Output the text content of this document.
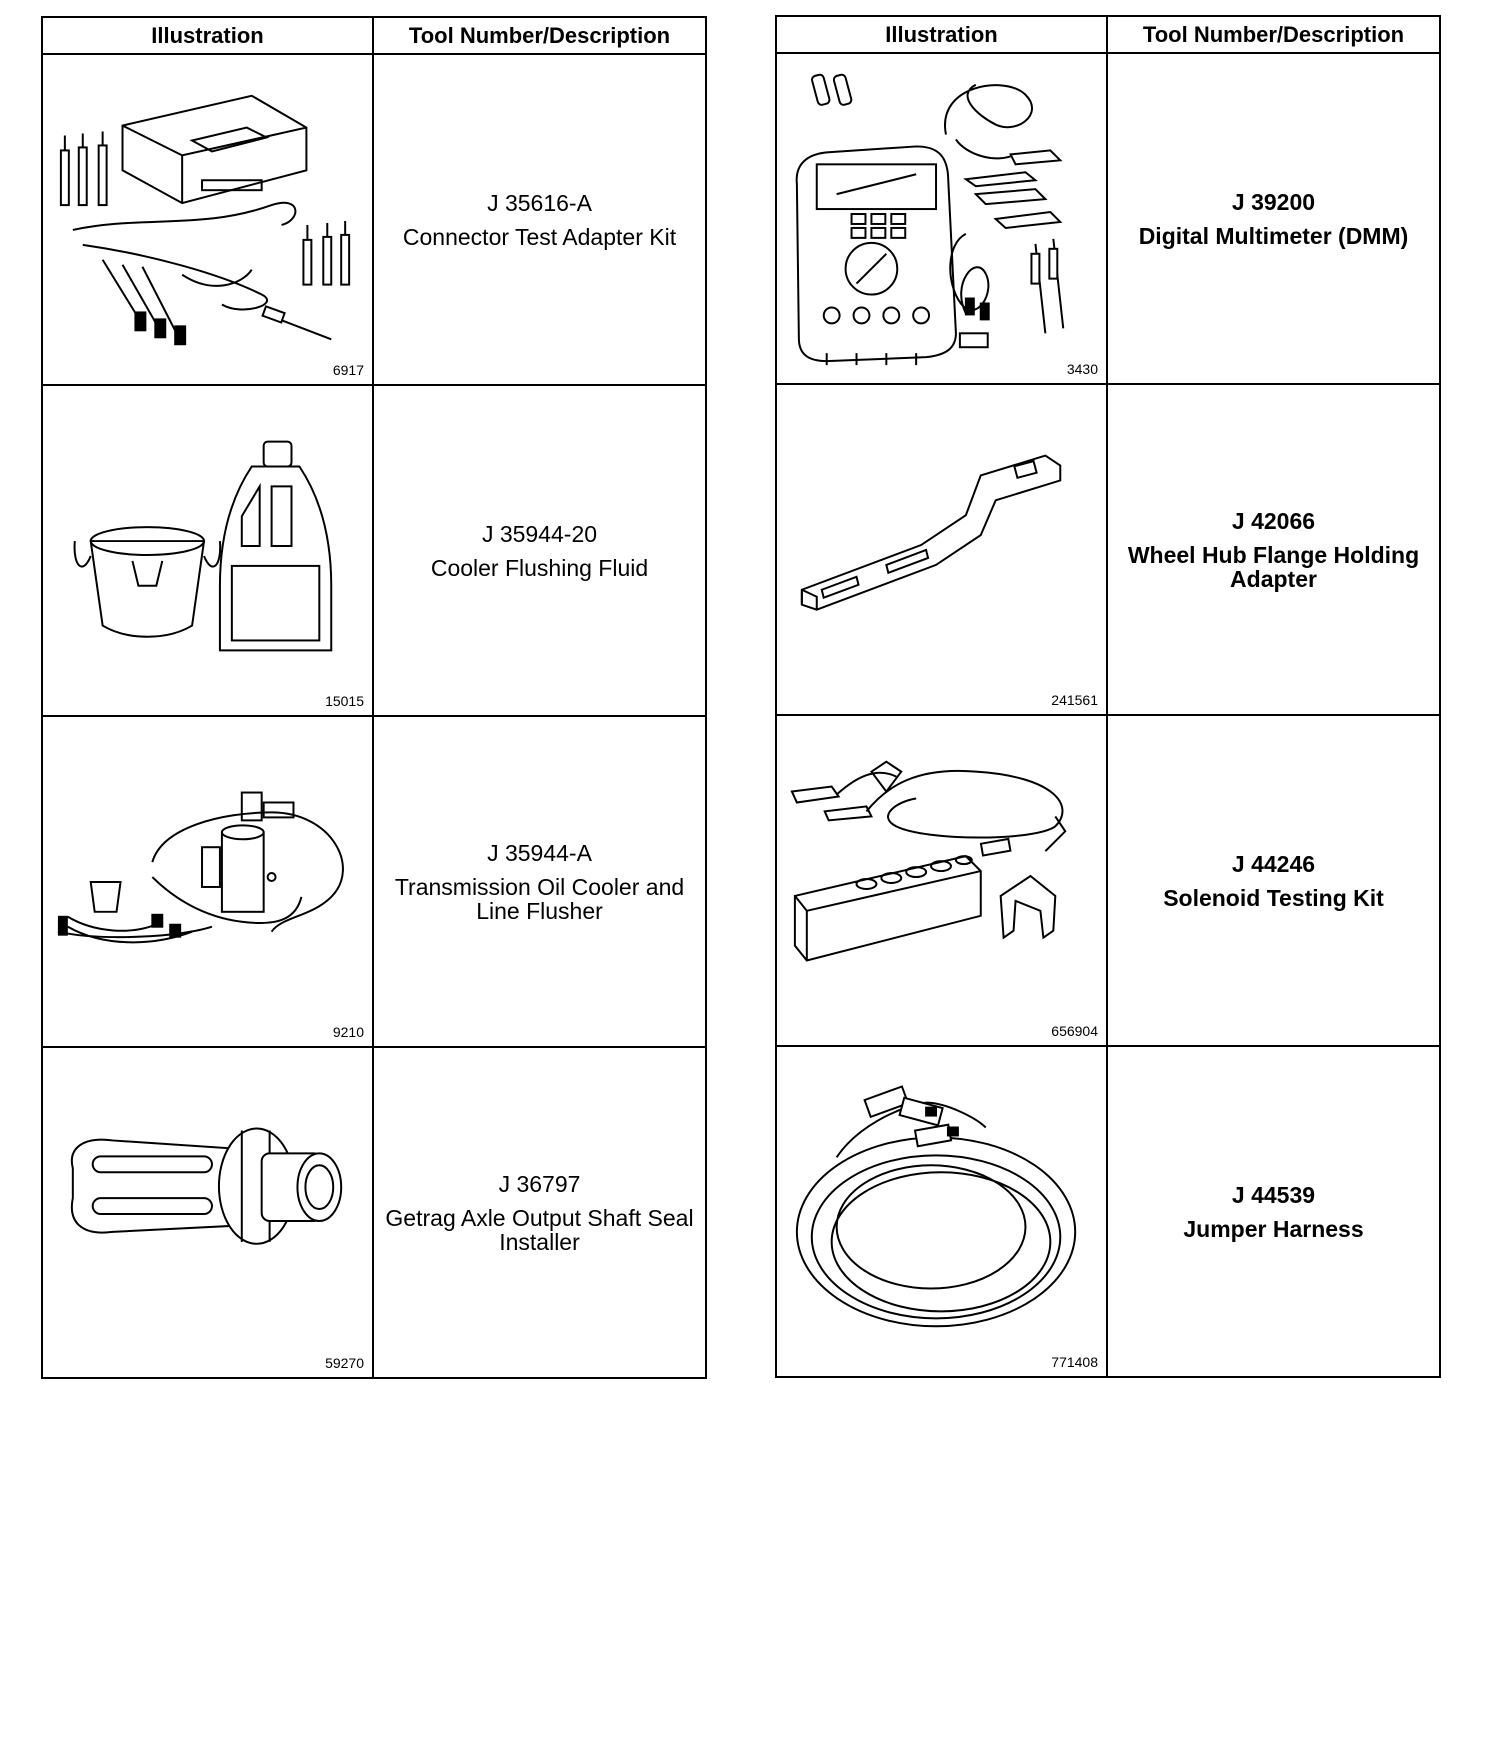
Illustration	Tool Number/Description

6917	J 35616-A
Connector Test Adapter Kit

15015	J 35944-20
Cooler Flushing Fluid

9210	J 35944-A
Transmission Oil Cooler and Line Flusher

59270	J 36797
Getrag Axle Output Shaft Seal Installer
Illustration	Tool Number/Description

3430	J 39200
Digital Multimeter (DMM)

241561	J 42066
Wheel Hub Flange Holding Adapter

656904	J 44246
Solenoid Testing Kit

771408	J 44539
Jumper Harness
